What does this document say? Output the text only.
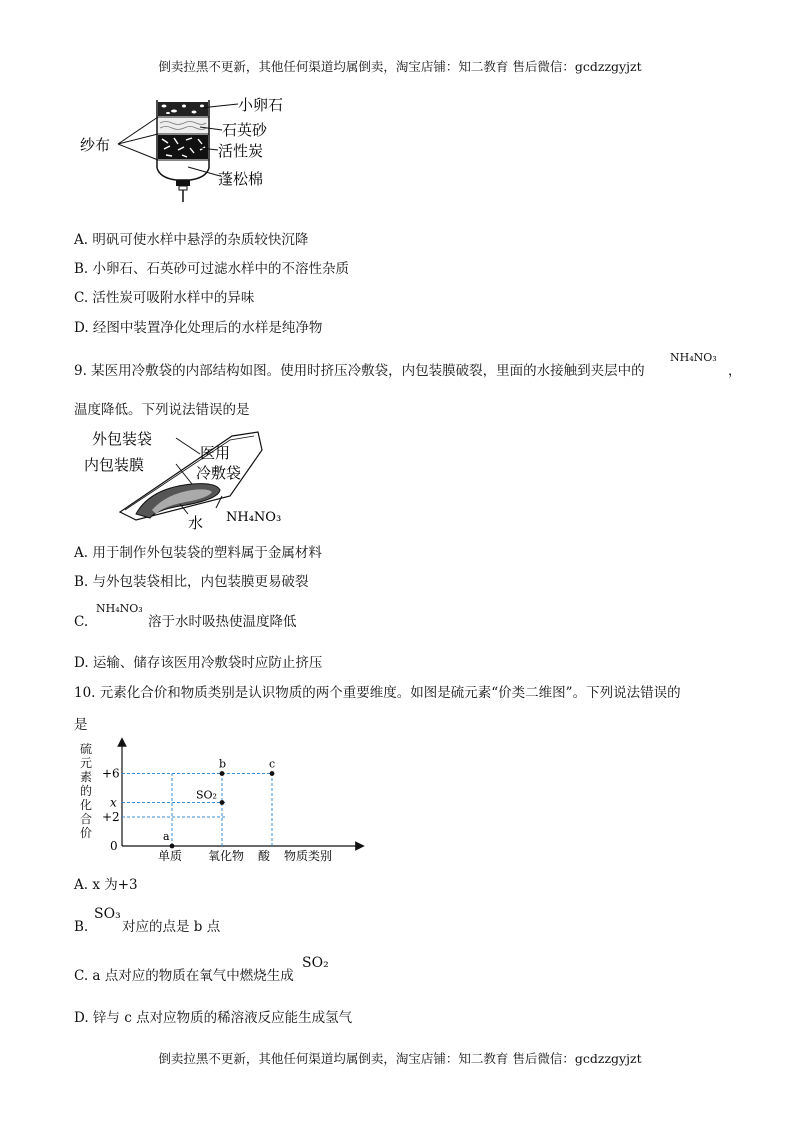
倒卖拉黑不更新，其他任何渠道均属倒卖，淘宝店铺：知二教育 售后微信：gcdzzgyjzt
小卵石
石英砂
活性炭
蓬松棉
纱布
A. 明矾可使水样中悬浮的杂质较快沉降
B. 小卵石、石英砂可过滤水样中的不溶性杂质
C. 活性炭可吸附水样中的异味
D. 经图中装置净化处理后的水样是纯净物
9. 某医用冷敷袋的内部结构如图。使用时挤压冷敷袋，内包装膜破裂，里面的水接触到夹层中的
NH₄NO₃
，
温度降低。下列说法错误的是
外包装袋
内包装膜
医用
冷敷袋
水 NH₄NO₃
A. 用于制作外包装袋的塑料属于金属材料
B. 与外包装袋相比，内包装膜更易破裂
C.
NH₄NO₃
溶于水时吸热使温度降低
D. 运输、储存该医用冷敷袋时应防止挤压
10. 元素化合价和物质类别是认识物质的两个重要维度。如图是硫元素“价类二维图”。下列说法错误的
是
0
+2
x
+6
单质 氧化物 酸 物质类别
a
SO₂
b	c
硫元素的化合价
A. x 为+3
B.
SO₃
对应的点是 b 点
C. a 点对应的物质在氧气中燃烧生成
SO₂
D. 锌与 c 点对应物质的稀溶液反应能生成氢气
倒卖拉黑不更新，其他任何渠道均属倒卖，淘宝店铺：知二教育 售后微信：gcdzzgyjzt
